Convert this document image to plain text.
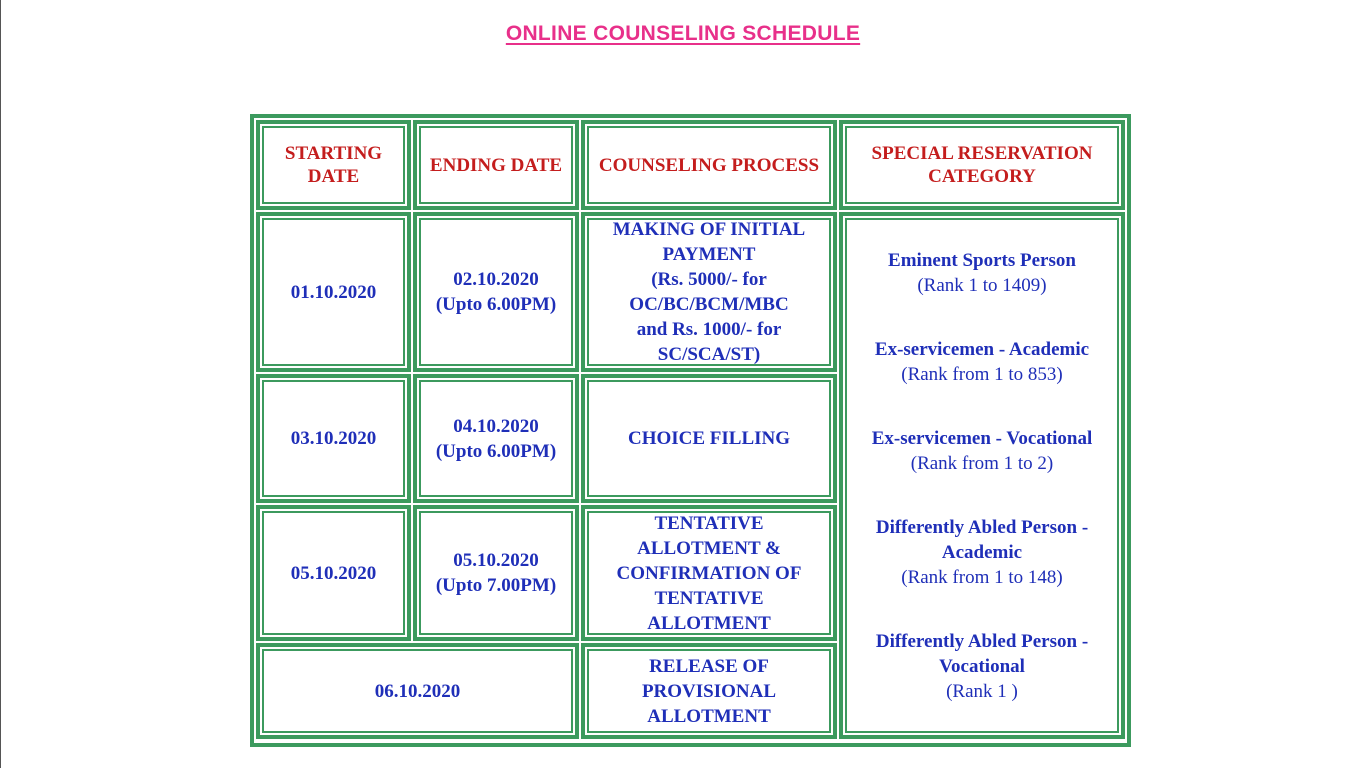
ONLINE COUNSELING SCHEDULE
STARTING DATE
ENDING DATE	COUNSELING PROCESS
SPECIAL RESERVATION CATEGORY
01.10.2020
02.10.2020
(Upto 6.00PM)
MAKING OF INITIAL
PAYMENT
(Rs. 5000/- for
OC/BC/BCM/MBC
and Rs. 1000/- for
SC/SCA/ST)
03.10.2020
04.10.2020
(Upto 6.00PM)
CHOICE FILLING
05.10.2020
05.10.2020
(Upto 7.00PM)
TENTATIVE
ALLOTMENT &
CONFIRMATION OF
TENTATIVE
ALLOTMENT
06.10.2020
RELEASE OF
PROVISIONAL
ALLOTMENT
Eminent Sports Person
(Rank 1 to 1409)
Ex-servicemen - Academic
(Rank from 1 to 853)
Ex-servicemen - Vocational
(Rank from 1 to 2)
Differently Abled Person -
Academic
(Rank from 1 to 148)
Differently Abled Person -
Vocational
(Rank 1 )
